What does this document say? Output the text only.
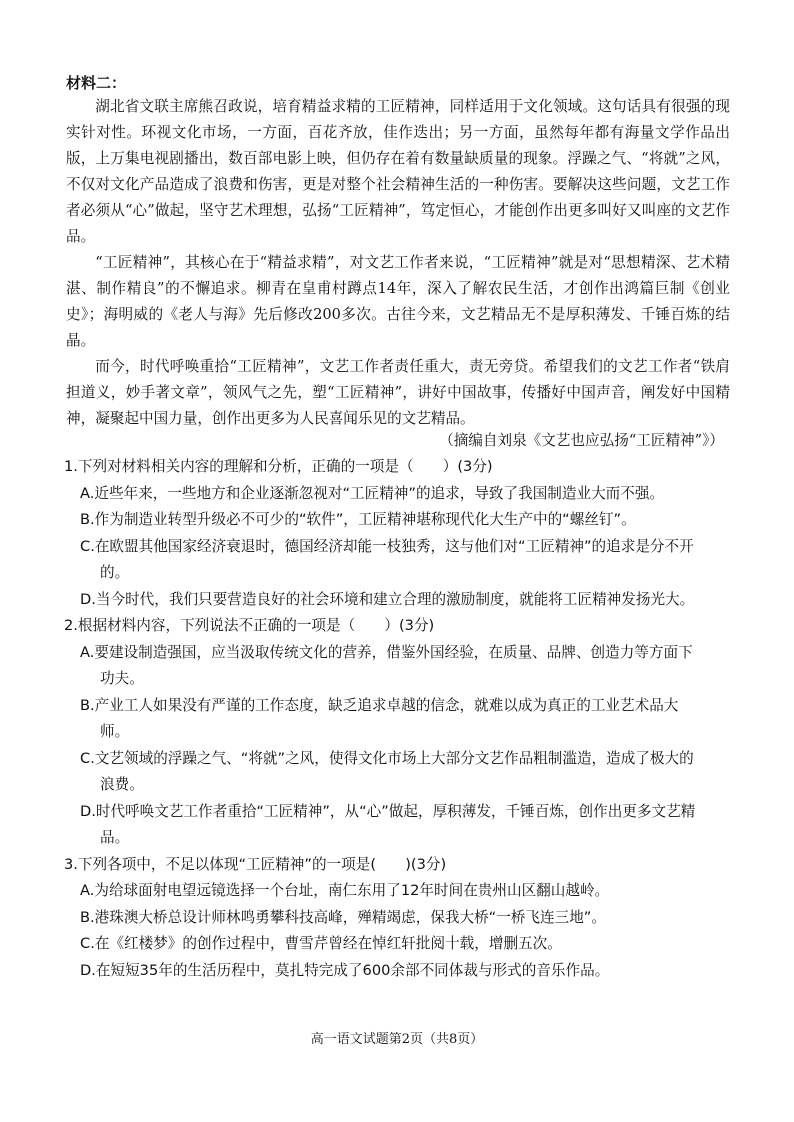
材料二：

湖北省文联主席熊召政说，培育精益求精的工匠精神，同样适用于文化领域。这句话具有很强的现实针对性。环视文化市场，一方面，百花齐放，佳作迭出；另一方面，虽然每年都有海量文学作品出版，上万集电视剧播出，数百部电影上映，但仍存在着有数量缺质量的现象。浮躁之气、“将就”之风，不仅对文化产品造成了浪费和伤害，更是对整个社会精神生活的一种伤害。要解决这些问题，文艺工作者必须从“心”做起，坚守艺术理想，弘扬“工匠精神”，笃定恒心，才能创作出更多叫好又叫座的文艺作品。

“工匠精神”，其核心在于“精益求精”，对文艺工作者来说，“工匠精神”就是对“思想精深、艺术精湛、制作精良”的不懈追求。柳青在皇甫村蹲点14年，深入了解农民生活，才创作出鸿篇巨制《创业史》；海明威的《老人与海》先后修改200多次。古往今来，文艺精品无不是厚积薄发、千锤百炼的结晶。

而今，时代呼唤重拾“工匠精神”，文艺工作者责任重大，责无旁贷。希望我们的文艺工作者“铁肩担道义，妙手著文章”，领风气之先，塑“工匠精神”，讲好中国故事，传播好中国声音，阐发好中国精神，凝聚起中国力量，创作出更多为人民喜闻乐见的文艺精品。

（摘编自刘泉《文艺也应弘扬“工匠精神”》）

1.下列对材料相关内容的理解和分析，正确的一项是（　　）(3分)

A.近些年来，一些地方和企业逐渐忽视对“工匠精神”的追求，导致了我国制造业大而不强。

B.作为制造业转型升级必不可少的“软件”，工匠精神堪称现代化大生产中的“螺丝钉”。

C.在欧盟其他国家经济衰退时，德国经济却能一枝独秀，这与他们对“工匠精神”的追求是分不开的。

D.当今时代，我们只要营造良好的社会环境和建立合理的激励制度，就能将工匠精神发扬光大。

2.根据材料内容，下列说法不正确的一项是（　　）(3分)

A.要建设制造强国，应当汲取传统文化的营养，借鉴外国经验，在质量、品牌、创造力等方面下功夫。

B.产业工人如果没有严谨的工作态度，缺乏追求卓越的信念，就难以成为真正的工业艺术品大师。

C.文艺领域的浮躁之气、“将就”之风，使得文化市场上大部分文艺作品粗制滥造，造成了极大的浪费。

D.时代呼唤文艺工作者重拾“工匠精神”，从“心”做起，厚积薄发，千锤百炼，创作出更多文艺精品。

3.下列各项中，不足以体现“工匠精神”的一项是(　　)(3分)

A.为给球面射电望远镜选择一个台址，南仁东用了12年时间在贵州山区翻山越岭。

B.港珠澳大桥总设计师林鸣勇攀科技高峰，殚精竭虑，保我大桥“一桥飞连三地”。

C.在《红楼梦》的创作过程中，曹雪芹曾经在悼红轩批阅十载，增删五次。

D.在短短35年的生活历程中，莫扎特完成了600余部不同体裁与形式的音乐作品。

高一语文试题第2页（共8页）
